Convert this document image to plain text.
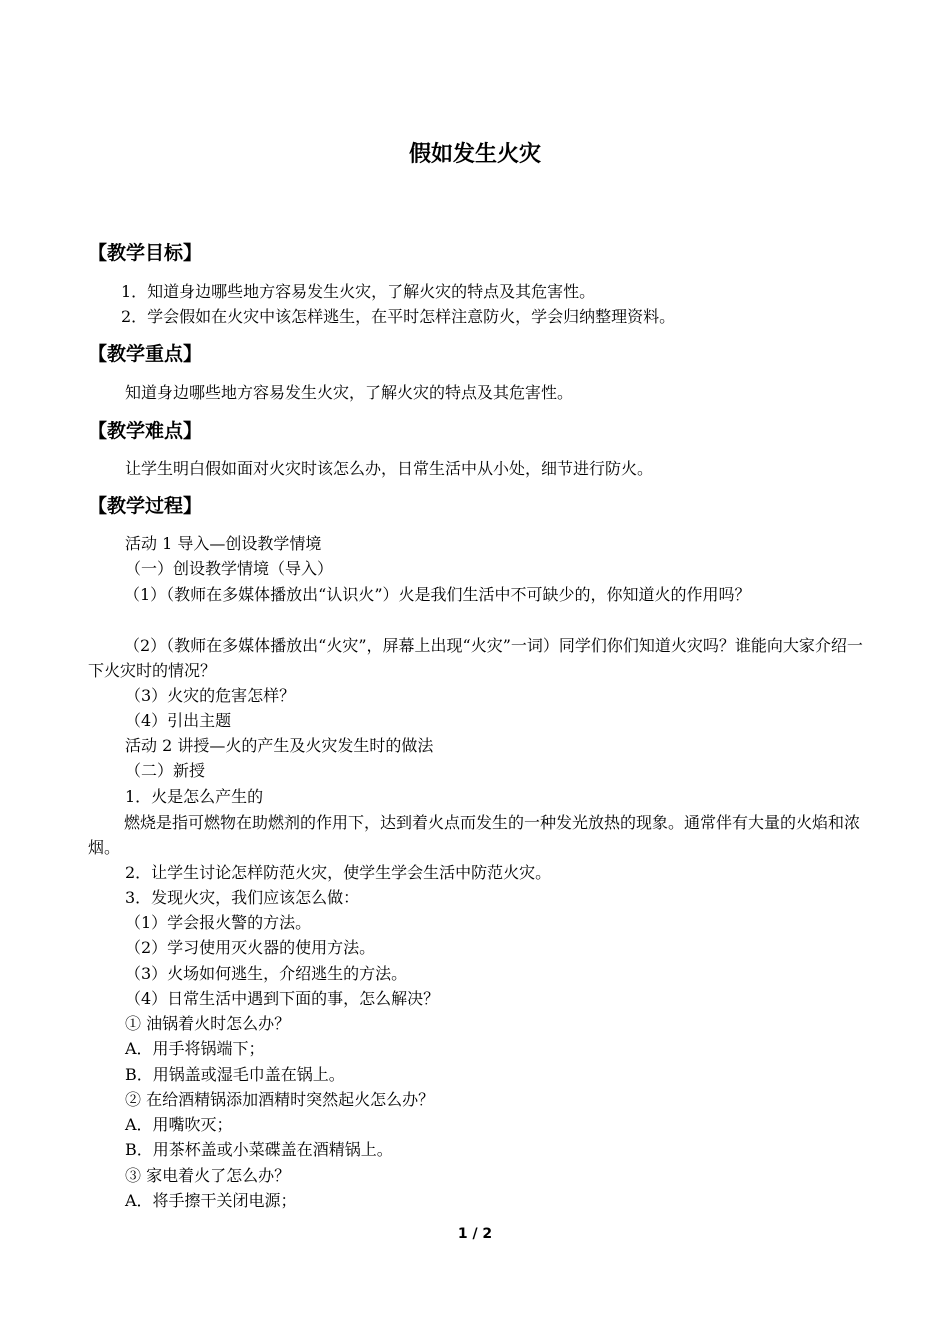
假如发生火灾
【教学目标】
1．知道身边哪些地方容易发生火灾，了解火灾的特点及其危害性。
2．学会假如在火灾中该怎样逃生，在平时怎样注意防火，学会归纳整理资料。
【教学重点】
知道身边哪些地方容易发生火灾，了解火灾的特点及其危害性。
【教学难点】
让学生明白假如面对火灾时该怎么办，日常生活中从小处，细节进行防火。
【教学过程】
活动 1 导入—创设教学情境
（一）创设教学情境（导入）
（1）（教师在多媒体播放出“认识火”）火是我们生活中不可缺少的，你知道火的作用吗？
（2）（教师在多媒体播放出“火灾”，屏幕上出现“火灾”一词）同学们你们知道火灾吗？谁能向大家介绍一下火灾时的情况？
（3）火灾的危害怎样？
（4）引出主题
活动 2 讲授—火的产生及火灾发生时的做法
（二）新授
1．火是怎么产生的
燃烧是指可燃物在助燃剂的作用下，达到着火点而发生的一种发光放热的现象。通常伴有大量的火焰和浓烟。
2．让学生讨论怎样防范火灾，使学生学会生活中防范火灾。
3．发现火灾，我们应该怎么做：
（1）学会报火警的方法。
（2）学习使用灭火器的使用方法。
（3）火场如何逃生，介绍逃生的方法。
（4）日常生活中遇到下面的事，怎么解决？
① 油锅着火时怎么办？
A．用手将锅端下；
B．用锅盖或湿毛巾盖在锅上。
② 在给酒精锅添加酒精时突然起火怎么办？
A．用嘴吹灭；
B．用茶杯盖或小菜碟盖在酒精锅上。
③ 家电着火了怎么办？
A．将手擦干关闭电源；
1 / 2
